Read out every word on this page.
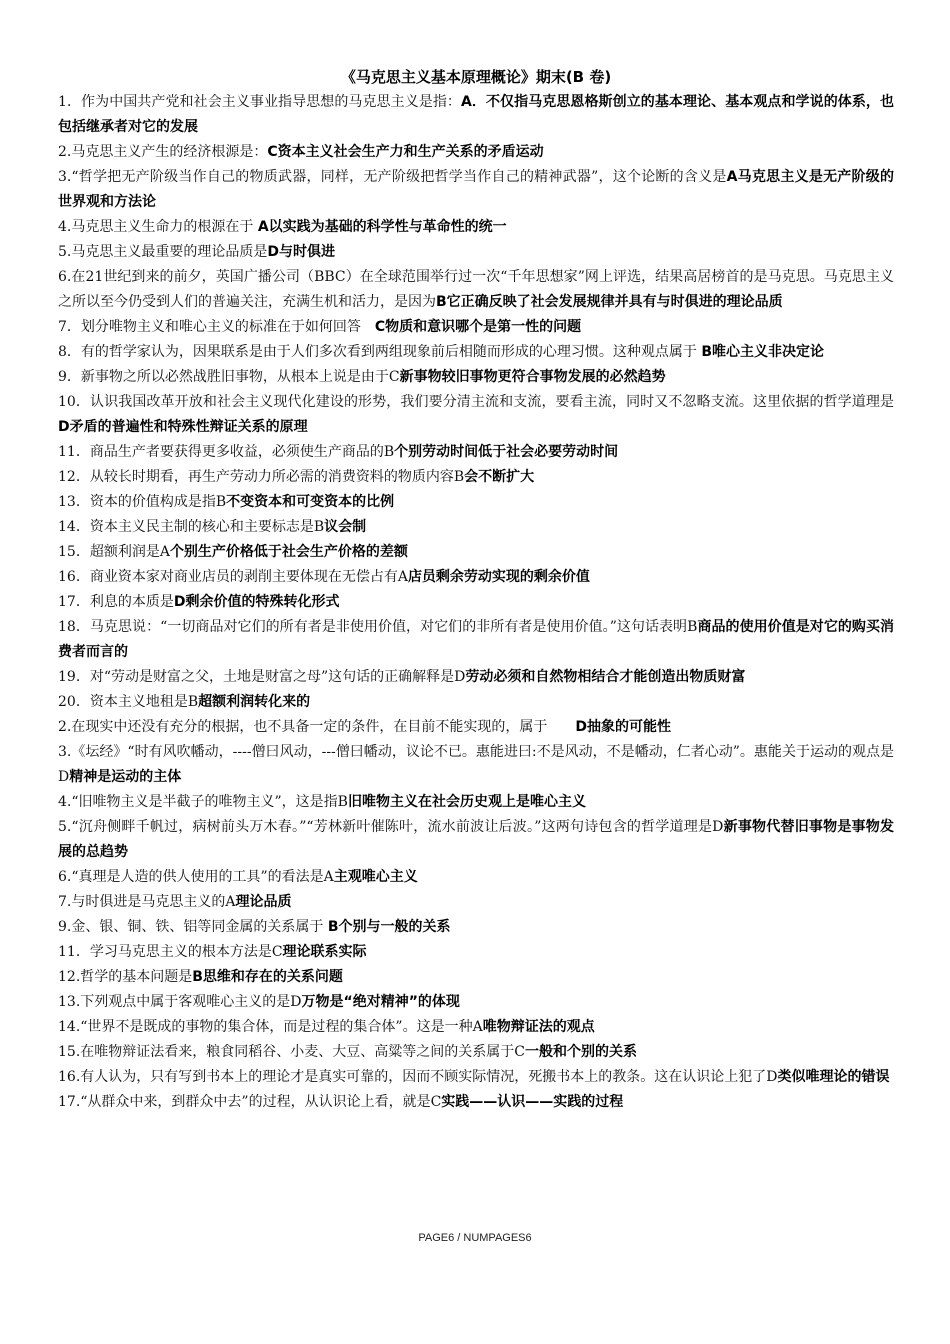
《马克思主义基本原理概论》期末(B 卷)

1．作为中国共产党和社会主义事业指导思想的马克思主义是指：A．不仅指马克思恩格斯创立的基本理论、基本观点和学说的体系，也包括继承者对它的发展

2.马克思主义产生的经济根源是：C资本主义社会生产力和生产关系的矛盾运动

3.“哲学把无产阶级当作自己的物质武器，同样，无产阶级把哲学当作自己的精神武器”，这个论断的含义是A马克思主义是无产阶级的世界观和方法论

4.马克思主义生命力的根源在于 A以实践为基础的科学性与革命性的统一

5.马克思主义最重要的理论品质是D与时俱进

6.在21世纪到来的前夕，英国广播公司（BBC）在全球范围举行过一次“千年思想家”网上评选，结果高居榜首的是马克思。马克思主义之所以至今仍受到人们的普遍关注，充满生机和活力，是因为B它正确反映了社会发展规律并具有与时俱进的理论品质

7．划分唯物主义和唯心主义的标准在于如何回答　C物质和意识哪个是第一性的问题

8．有的哲学家认为，因果联系是由于人们多次看到两组现象前后相随而形成的心理习惯。这种观点属于 B唯心主义非决定论

9．新事物之所以必然战胜旧事物，从根本上说是由于C新事物较旧事物更符合事物发展的必然趋势

10．认识我国改革开放和社会主义现代化建设的形势，我们要分清主流和支流，要看主流，同时又不忽略支流。这里依据的哲学道理是　D矛盾的普遍性和特殊性辩证关系的原理

11．商品生产者要获得更多收益，必须使生产商品的B个别劳动时间低于社会必要劳动时间

12．从较长时期看，再生产劳动力所必需的消费资料的物质内容B会不断扩大

13．资本的价值构成是指B不变资本和可变资本的比例

14．资本主义民主制的核心和主要标志是B议会制

15．超额利润是A个别生产价格低于社会生产价格的差额

16．商业资本家对商业店员的剥削主要体现在无偿占有A店员剩余劳动实现的剩余价值

17．利息的本质是D剩余价值的特殊转化形式

18．马克思说：“一切商品对它们的所有者是非使用价值，对它们的非所有者是使用价值。”这句话表明B商品的使用价值是对它的购买消费者而言的

19．对“劳动是财富之父，土地是财富之母”这句话的正确解释是D劳动必须和自然物相结合才能创造出物质财富

20．资本主义地租是B超额利润转化来的

2.在现实中还没有充分的根据，也不具备一定的条件，在目前不能实现的，属于　　D抽象的可能性

3.《坛经》“时有风吹幡动，----僧曰风动，---僧曰幡动，议论不已。惠能进曰:不是风动，不是幡动，仁者心动”。惠能关于运动的观点是D精神是运动的主体

4.“旧唯物主义是半截子的唯物主义”，这是指B旧唯物主义在社会历史观上是唯心主义

5.“沉舟侧畔千帆过，病树前头万木春。”“芳林新叶催陈叶，流水前波让后波。”这两句诗包含的哲学道理是D新事物代替旧事物是事物发展的总趋势

6.“真理是人造的供人使用的工具”的看法是A主观唯心主义

7.与时俱进是马克思主义的A理论品质

9.金、银、铜、铁、铝等同金属的关系属于 B个别与一般的关系

11．学习马克思主义的根本方法是C理论联系实际

12.哲学的基本问题是B思维和存在的关系问题

13.下列观点中属于客观唯心主义的是D万物是“绝对精神”的体现

14.“世界不是既成的事物的集合体，而是过程的集合体”。这是一种A唯物辩证法的观点

15.在唯物辩证法看来，粮食同稻谷、小麦、大豆、高粱等之间的关系属于C一般和个别的关系

16.有人认为，只有写到书本上的理论才是真实可靠的，因而不顾实际情况，死搬书本上的教条。这在认识论上犯了D类似唯理论的错误

17.“从群众中来，到群众中去”的过程，从认识论上看，就是C实践——认识——实践的过程

PAGE6 / NUMPAGES6
